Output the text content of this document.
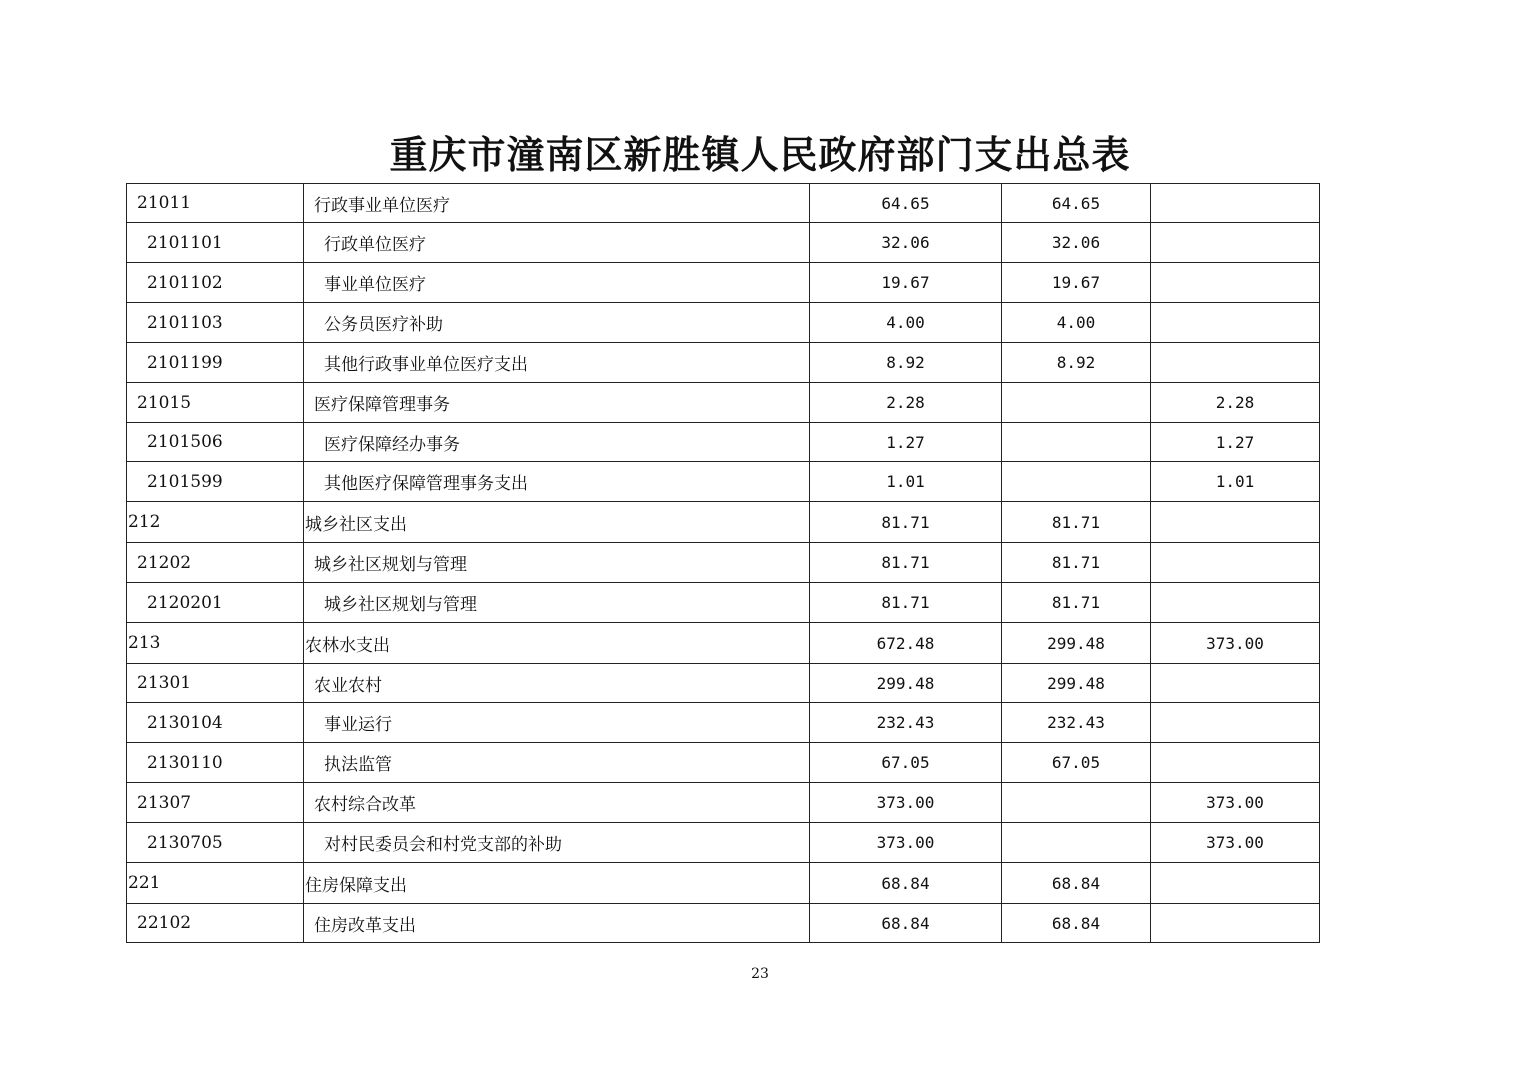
重庆市潼南区新胜镇人民政府部门支出总表
21011	行政事业单位医疗	64.65	64.65	
2101101	行政单位医疗	32.06	32.06	
2101102	事业单位医疗	19.67	19.67	
2101103	公务员医疗补助	4.00	4.00	
2101199	其他行政事业单位医疗支出	8.92	8.92	
21015	医疗保障管理事务	2.28		2.28
2101506	医疗保障经办事务	1.27		1.27
2101599	其他医疗保障管理事务支出	1.01		1.01
212	城乡社区支出	81.71	81.71	
21202	城乡社区规划与管理	81.71	81.71	
2120201	城乡社区规划与管理	81.71	81.71	
213	农林水支出	672.48	299.48	373.00
21301	农业农村	299.48	299.48	
2130104	事业运行	232.43	232.43	
2130110	执法监管	67.05	67.05	
21307	农村综合改革	373.00		373.00
2130705	对村民委员会和村党支部的补助	373.00		373.00
221	住房保障支出	68.84	68.84	
22102	住房改革支出	68.84	68.84	
23
